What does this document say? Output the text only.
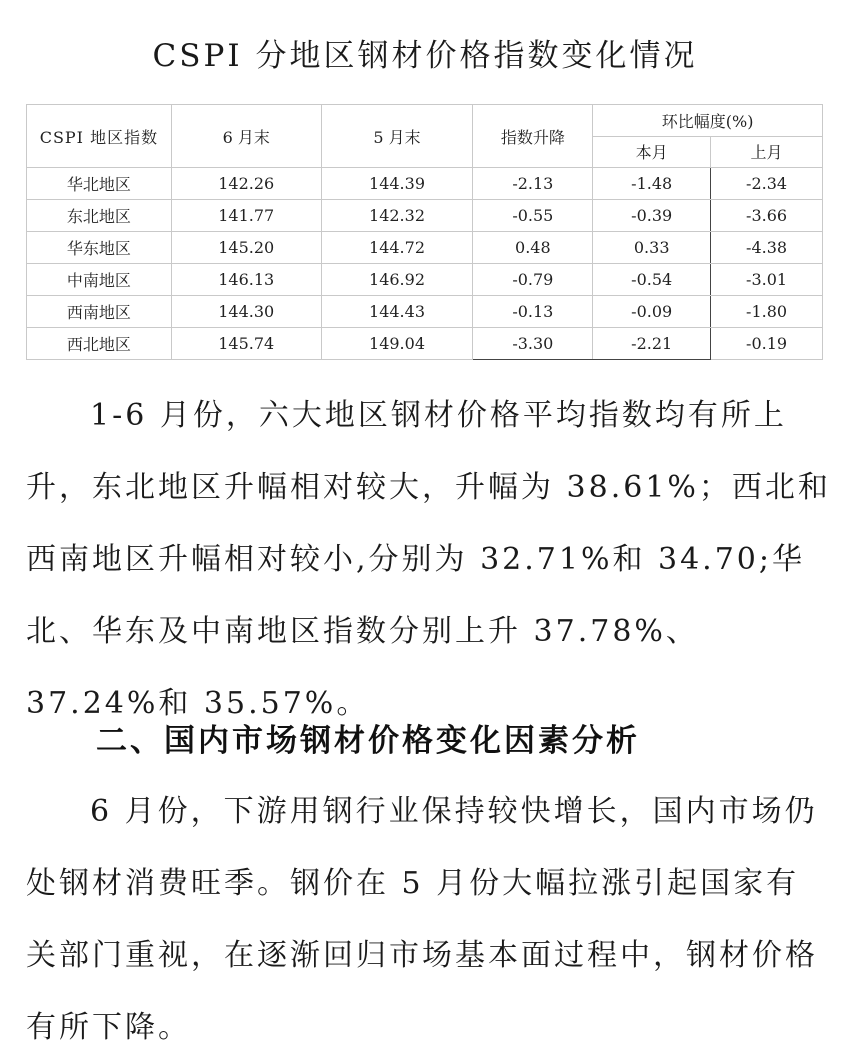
CSPI 分地区钢材价格指数变化情况
CSPI 地区指数	6 月末	5 月末	指数升降	环比幅度(%)	
				本月	上月
华北地区	142.26	144.39	-2.13	-1.48	-2.34
东北地区	141.77	142.32	-0.55	-0.39	-3.66
华东地区	145.20	144.72	0.48	0.33	-4.38
中南地区	146.13	146.92	-0.79	-0.54	-3.01
西南地区	144.30	144.43	-0.13	-0.09	-1.80
西北地区	145.74	149.04	-3.30	-2.21	-0.19

1-6 月份，六大地区钢材价格平均指数均有所上升，东北地区升幅相对较大，升幅为 38.61%；西北和西南地区升幅相对较小,分别为 32.71%和 34.70;华北、华东及中南地区指数分别上升 37.78%、37.24%和 35.57%。

二、国内市场钢材价格变化因素分析

6 月份，下游用钢行业保持较快增长，国内市场仍处钢材消费旺季。钢价在 5 月份大幅拉涨引起国家有关部门重视，在逐渐回归市场基本面过程中，钢材价格有所下降。
